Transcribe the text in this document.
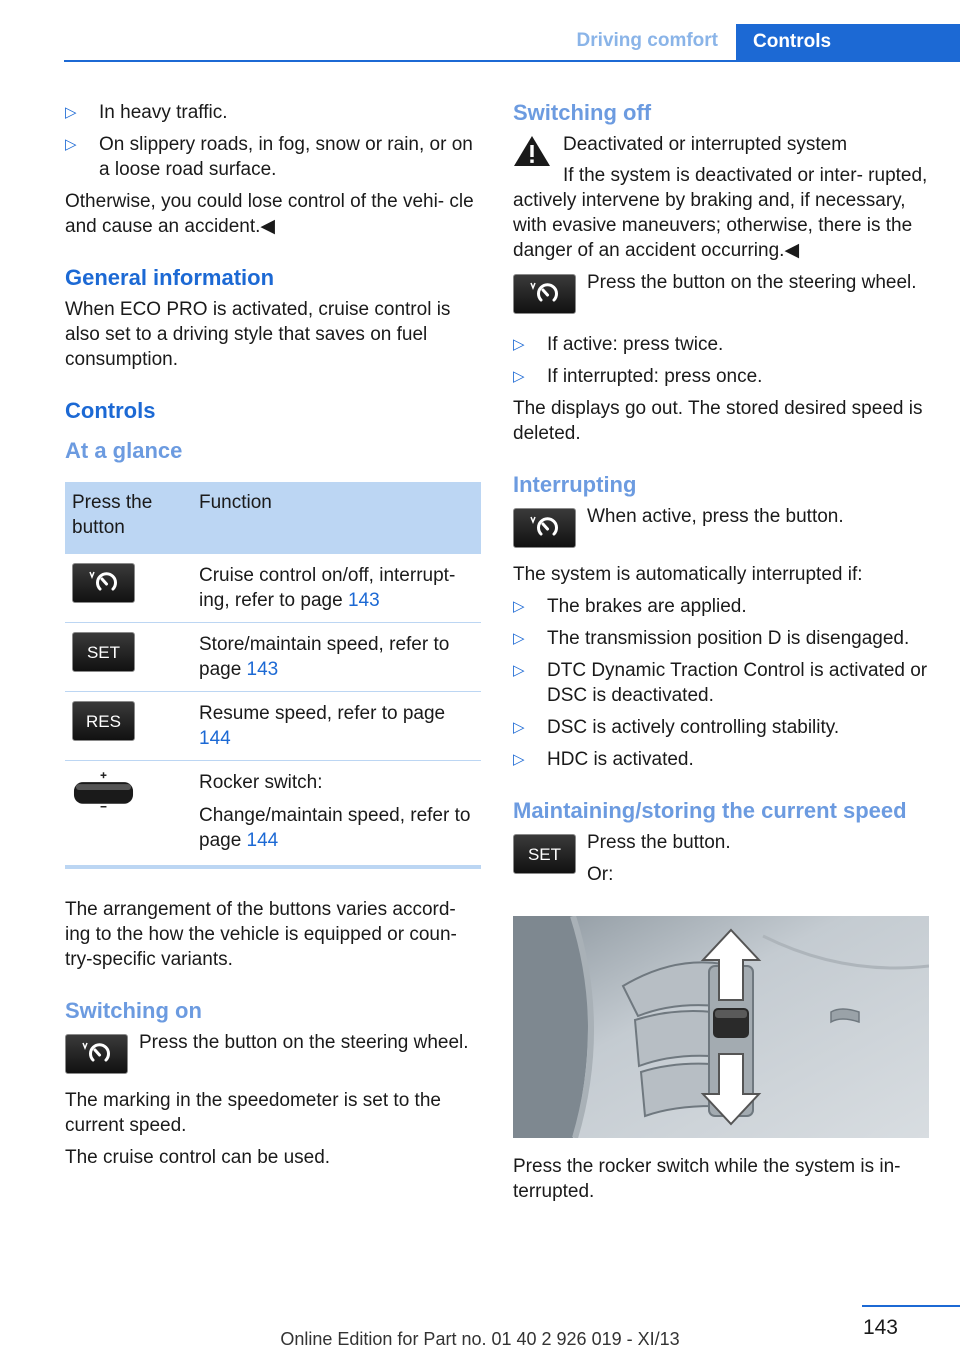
Driving comfort	Controls
▷ In heavy traffic.
▷ On slippery roads, in fog, snow or rain, or on a loose road surface.

Otherwise, you could lose control of the vehi‐ cle and cause an accident.◀

General information

When ECO PRO is activated, cruise control is also set to a driving style that saves on fuel consumption.

Controls
At a glance
Press the button	Function

	Cruise control on/off, interrupt‐ ing, refer to page 143

SET	Store/maintain speed, refer to page 143

RES	Resume speed, refer to page 144

Rocker switch:

Change/maintain speed, refer to page 144

The arrangement of the buttons varies accord‐ ing to the how the vehicle is equipped or coun‐ try-specific variants.

Switching on
Press the button on the steering wheel.

The marking in the speedometer is set to the current speed.

The cruise control can be used.

Switching off

Deactivated or interrupted system

If the system is deactivated or inter‐ rupted, actively intervene by braking and, if necessary, with evasive maneuvers; otherwise, there is the danger of an accident occurring.◀

Press the button on the steering wheel.
▷ If active: press twice.
▷ If interrupted: press once.

The displays go out. The stored desired speed is deleted.

Interrupting
When active, press the button.

The system is automatically interrupted if:

▷ The brakes are applied.
▷ The transmission position D is disengaged.
▷ DTC Dynamic Traction Control is activated or DSC is deactivated.
▷ DSC is actively controlling stability.
▷ HDC is activated.
Maintaining/storing the current speed
SET

Press the button.

Or:

Press the rocker switch while the system is in‐ terrupted.

143
Online Edition for Part no. 01 40 2 926 019 - XI/13
